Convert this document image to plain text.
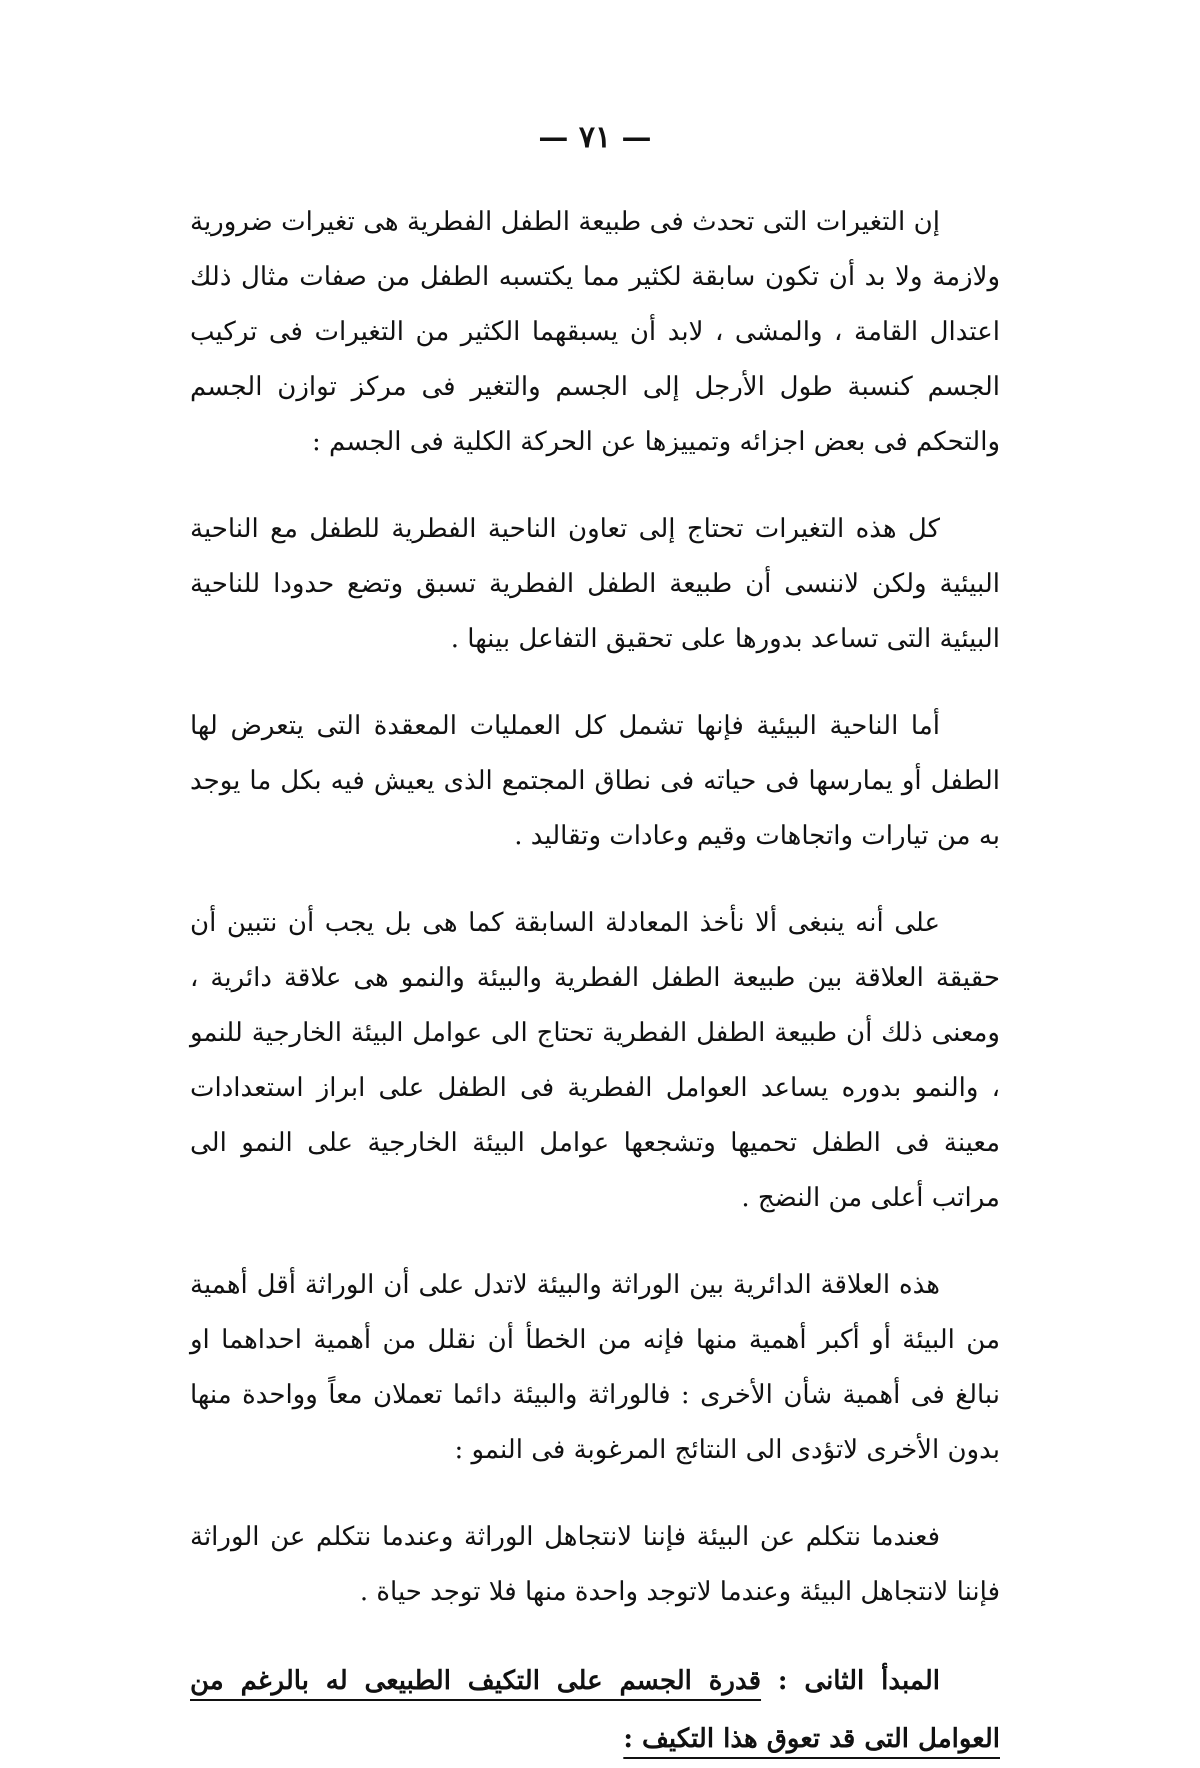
— ٧١ —

إن التغيرات التى تحدث فى طبيعة الطفل الفطرية هى تغيرات ضرورية ولازمة ولا بد أن تكون سابقة لكثير مما يكتسبه الطفل من صفات مثال ذلك اعتدال القامة ، والمشى ، لابد أن يسبقهما الكثير من التغيرات فى تركيب الجسم كنسبة طول الأرجل إلى الجسم والتغير فى مركز توازن الجسم والتحكم فى بعض اجزائه وتمييزها عن الحركة الكلية فى الجسم :

كل هذه التغيرات تحتاج إلى تعاون الناحية الفطرية للطفل مع الناحية البيئية ولكن لاننسى أن طبيعة الطفل الفطرية تسبق وتضع حدودا للناحية البيئية التى تساعد بدورها على تحقيق التفاعل بينها .

أما الناحية البيئية فإنها تشمل كل العمليات المعقدة التى يتعرض لها الطفل أو يمارسها فى حياته فى نطاق المجتمع الذى يعيش فيه بكل ما يوجد به من تيارات واتجاهات وقيم وعادات وتقاليد .

على أنه ينبغى ألا نأخذ المعادلة السابقة كما هى بل يجب أن نتبين أن حقيقة العلاقة بين طبيعة الطفل الفطرية والبيئة والنمو هى علاقة دائرية ، ومعنى ذلك أن طبيعة الطفل الفطرية تحتاج الى عوامل البيئة الخارجية للنمو ، والنمو بدوره يساعد العوامل الفطرية فى الطفل على ابراز استعدادات معينة فى الطفل تحميها وتشجعها عوامل البيئة الخارجية على النمو الى مراتب أعلى من النضج .

هذه العلاقة الدائرية بين الوراثة والبيئة لاتدل على أن الوراثة أقل أهمية من البيئة أو أكبر أهمية منها فإنه من الخطأ أن نقلل من أهمية احداهما او نبالغ فى أهمية شأن الأخرى : فالوراثة والبيئة دائما تعملان معاً وواحدة منها بدون الأخرى لاتؤدى الى النتائج المرغوبة فى النمو :

فعندما نتكلم عن البيئة فإننا لانتجاهل الوراثة وعندما نتكلم عن الوراثة فإننا لانتجاهل البيئة وعندما لاتوجد واحدة منها فلا توجد حياة .

المبدأ الثانى : قدرة الجسم على التكيف الطبيعى له بالرغم من العوامل التى قد تعوق هذا التكيف :
